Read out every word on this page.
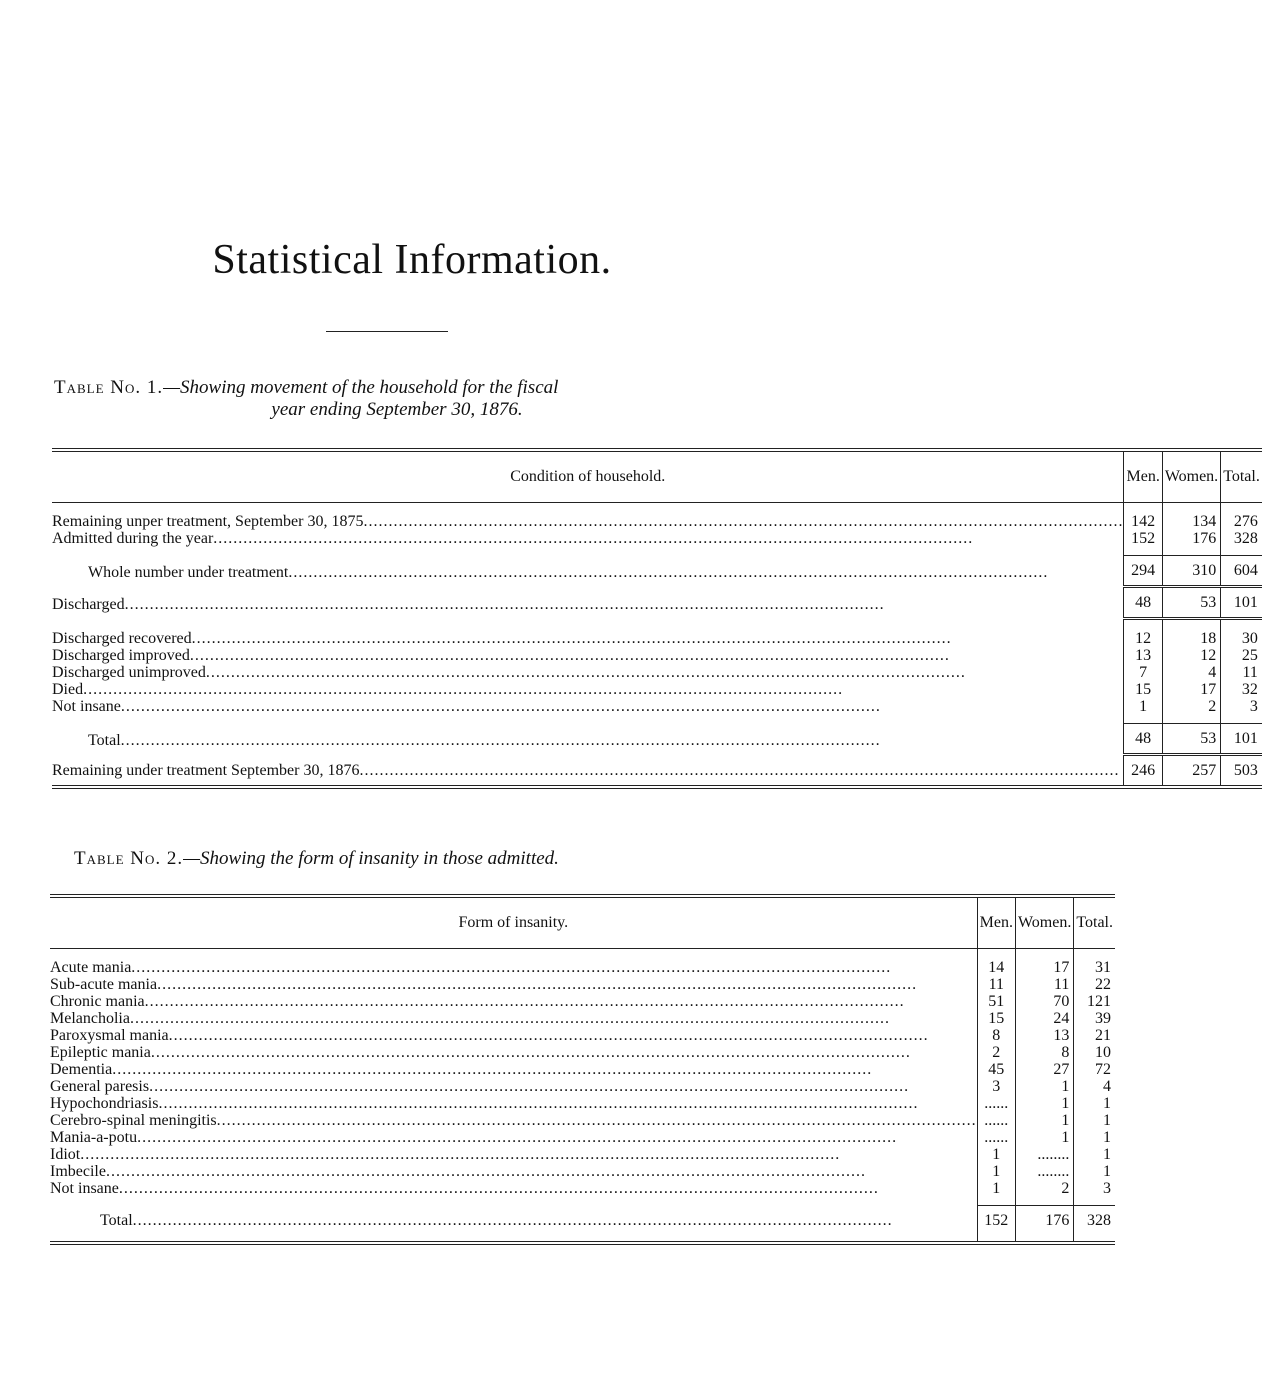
Statistical Information.

Table No. 1.—Showing movement of the household for the fiscal
year ending September 30, 1876.

Condition of household.	Men.	Women.	Total.

Remaining unper treatment, September 30, 1875 .....	142	134	276

Admitted during the year .....	152	176	328

Whole number under treatment .....	294	310	604

Discharged .....	48	53	101

Discharged recovered .....	12	18	30

Discharged improved .....	13	12	25

Discharged unimproved .....	7	4	11

Died .....	15	17	32

Not insane .....	1	2	3

Total .....	48	53	101

Remaining under treatment September 30, 1876 .....	246	257	503

Table No. 2.—Showing the form of insanity in those admitted.

Form of insanity.	Men.	Women.	Total.

Acute mania .....	14	17	31

Sub-acute mania .....	11	11	22

Chronic mania .....	51	70	121

Melancholia .....	15	24	39

Paroxysmal mania .....	8	13	21

Epileptic mania .....	2	8	10

Dementia .....	45	27	72

General paresis .....	3	1	4

Hypochondriasis .....	......	1	1

Cerebro-spinal meningitis .....	......	1	1

Mania-a-potu .....	......	1	1

Idiot .....	1	........	1

Imbecile .....	1	........	1

Not insane .....	1	2	3

Total .....	152	176	328
